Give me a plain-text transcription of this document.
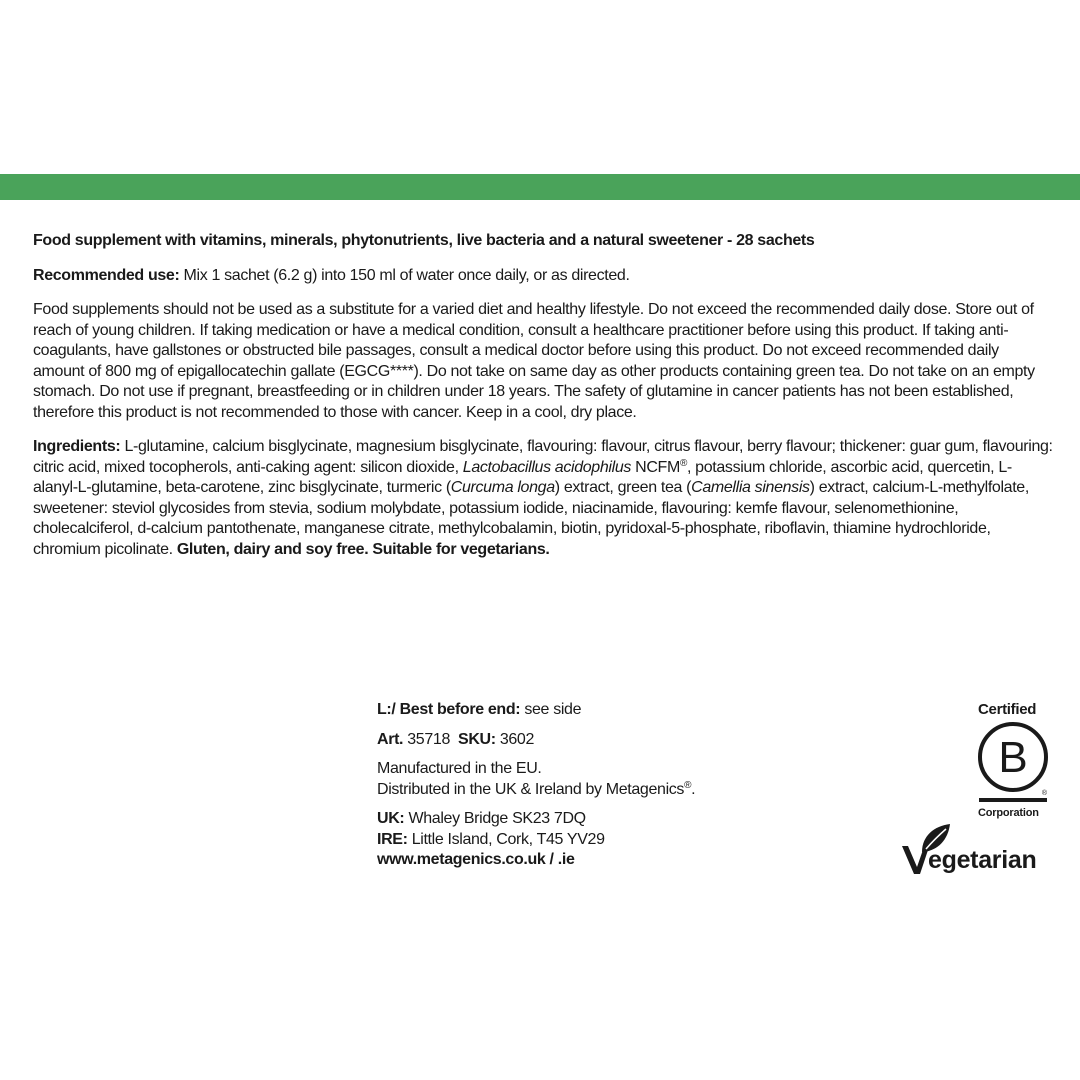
Food supplement with vitamins, minerals, phytonutrients, live bacteria and a natural sweetener - 28 sachets

Recommended use: Mix 1 sachet (6.2 g) into 150 ml of water once daily, or as directed.

Food supplements should not be used as a substitute for a varied diet and healthy lifestyle. Do not exceed the recommended daily dose. Store out of reach of young children. If taking medication or have a medical condition, consult a healthcare practitioner before using this product. If taking anti-coagulants, have gallstones or obstructed bile passages, consult a medical doctor before using this product. Do not exceed recommended daily amount of 800 mg of epigallocatechin gallate (EGCG****). Do not take on same day as other products containing green tea. Do not take on an empty stomach. Do not use if pregnant, breastfeeding or in children under 18 years. The safety of glutamine in cancer patients has not been established, therefore this product is not recommended to those with cancer. Keep in a cool, dry place.

Ingredients: L-glutamine, calcium bisglycinate, magnesium bisglycinate, flavouring: flavour, citrus flavour, berry flavour; thickener: guar gum, flavouring: citric acid, mixed tocopherols, anti-caking agent: silicon dioxide, Lactobacillus acidophilus NCFM®, potassium chloride, ascorbic acid, quercetin, L-alanyl-L-glutamine, beta-carotene, zinc bisglycinate, turmeric (Curcuma longa) extract, green tea (Camellia sinensis) extract, calcium-L-methylfolate, sweetener: steviol glycosides from stevia, sodium molybdate, potassium iodide, niacinamide, flavouring: kemfe flavour, selenomethionine, cholecalciferol, d-calcium pantothenate, manganese citrate, methylcobalamin, biotin, pyridoxal-5-phosphate, riboflavin, thiamine hydrochloride, chromium picolinate. Gluten, dairy and soy free. Suitable for vegetarians.

L:/ Best before end: see side

Art. 35718 SKU: 3602

Manufactured in the EU.
Distributed in the UK & Ireland by Metagenics®.

UK: Whaley Bridge SK23 7DQ
IRE: Little Island, Cork, T45 YV29
www.metagenics.co.uk / .ie

Certified
B
®
Corporation
egetarian
